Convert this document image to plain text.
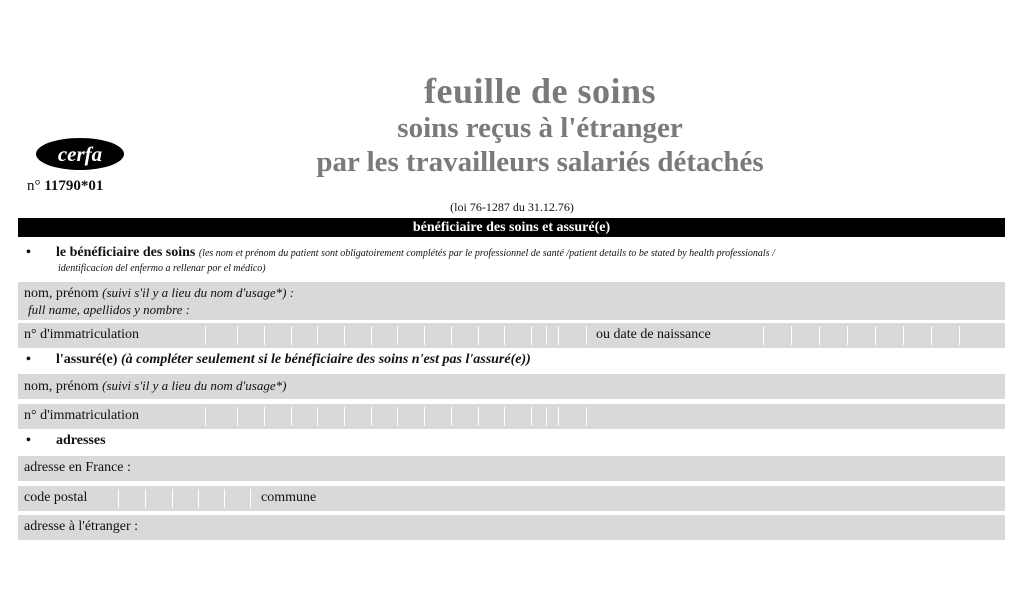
feuille de soins
soins reçus à l'étranger
par les travailleurs salariés détachés
cerfa
n° 11790*01
(loi 76-1287 du 31.12.76)
bénéficiaire des soins et assuré(e)
• le bénéficiaire des soins (les nom et prénom du patient sont obligatoirement complétés par le professionnel de santé /patient details to be stated by health professionals /
identificacion del enfermo a rellenar por el médico)
nom, prénom (suivi s'il y a lieu du nom d'usage*) :
full name, apellidos y nombre :
n° d'immatriculation	ou date de naissance
• l'assuré(e) (à compléter seulement si le bénéficiaire des soins n'est pas l'assuré(e))
nom, prénom (suivi s'il y a lieu du nom d'usage*)
n° d'immatriculation
• adresses
adresse en France :
code postal	commune
adresse à l'étranger :
